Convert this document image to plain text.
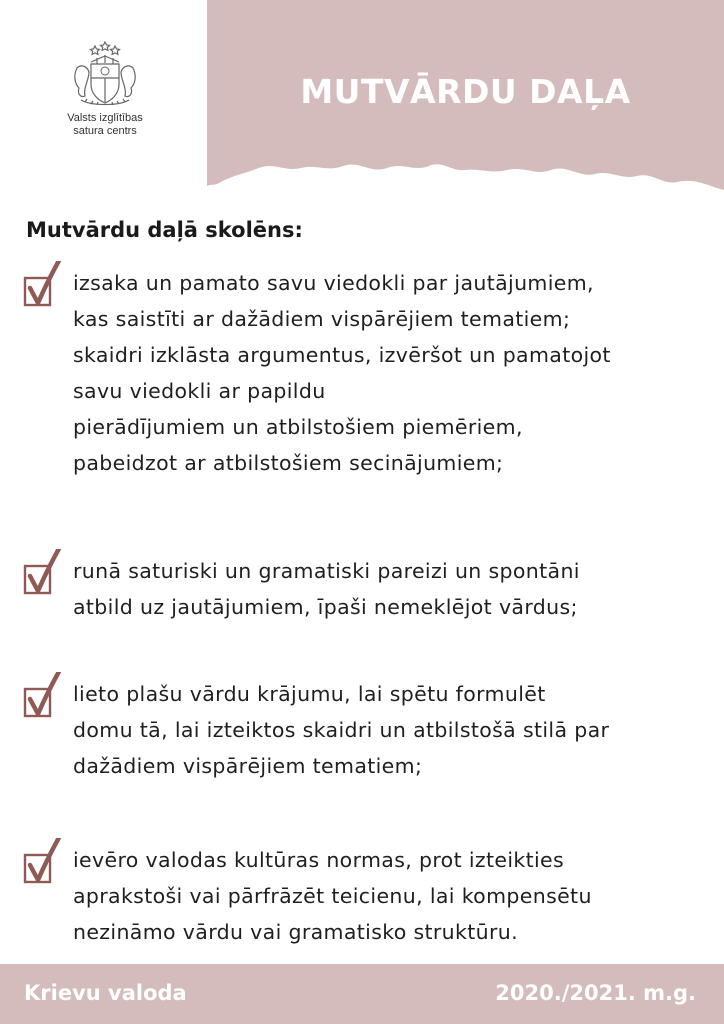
MUTVĀRDU DAĻA
Valsts izglītības
satura centrs
Mutvārdu daļā skolēns:

izsaka un pamato savu viedokli par jautājumiem,
kas saistīti ar dažādiem vispārējiem tematiem;
skaidri izklāsta argumentus, izvēršot un pamatojot
savu viedokli ar papildu
pierādījumiem un atbilstošiem piemēriem,
pabeidzot ar atbilstošiem secinājumiem;

runā saturiski un gramatiski pareizi un spontāni
atbild uz jautājumiem, īpaši nemeklējot vārdus;

lieto plašu vārdu krājumu, lai spētu formulēt
domu tā, lai izteiktos skaidri un atbilstošā stilā par
dažādiem vispārējiem tematiem;

ievēro valodas kultūras normas, prot izteikties
aprakstoši vai pārfrāzēt teicienu, lai kompensētu
nezināmo vārdu vai gramatisko struktūru.

Krievu valoda	2020./2021. m.g.
